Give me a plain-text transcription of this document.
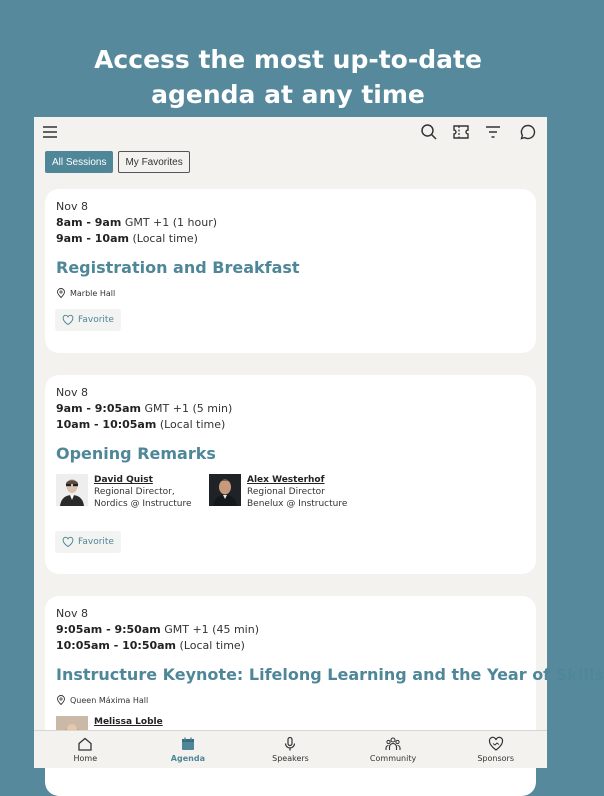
Access the most up-to-date
agenda at any time
All Sessions	My Favorites
Nov 8
8am - 9am GMT +1 (1 hour)
9am - 10am (Local time)
Registration and Breakfast
Marble Hall
Favorite
Nov 8
9am - 9:05am GMT +1 (5 min)
10am - 10:05am (Local time)
Opening Remarks
David Quist
Regional Director,
Nordics @ Instructure
Alex Westerhof
Regional Director
Benelux @ Instructure
Favorite
Nov 8
9:05am - 9:50am GMT +1 (45 min)
10:05am - 10:50am (Local time)
Instructure Keynote: Lifelong Learning and the Year of Skills
Queen Máxima Hall
Melissa Loble
Home	Agenda	Speakers	Community	Sponsors
